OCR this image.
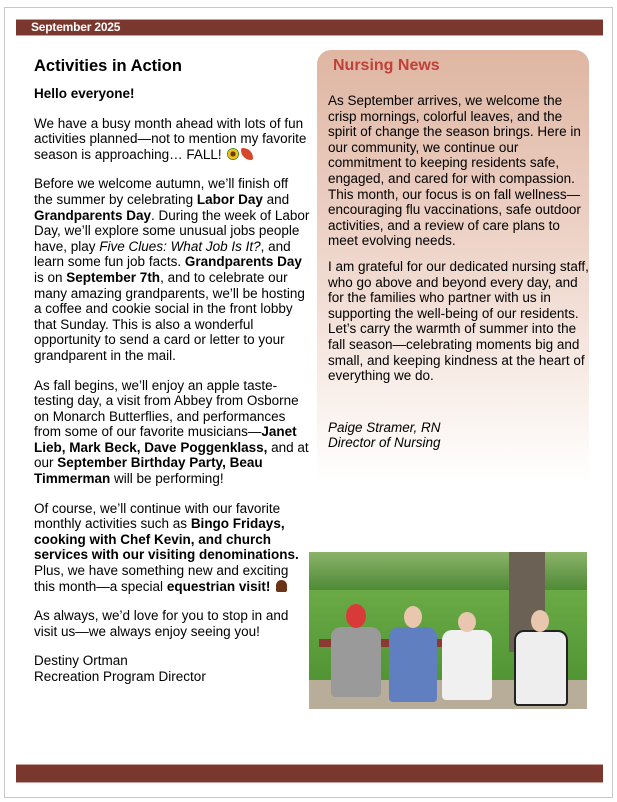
September 2025
Activities in Action

Hello everyone!

We have a busy month ahead with lots of fun activities planned—not to mention my favorite season is approaching… FALL!

Before we welcome autumn, we’ll finish off the summer by celebrating Labor Day and Grandparents Day. During the week of Labor Day, we’ll explore some unusual jobs people have, play Five Clues: What Job Is It?, and learn some fun job facts. Grandparents Day is on September 7th, and to celebrate our many amazing grandparents, we’ll be hosting a coffee and cookie social in the front lobby that Sunday. This is also a wonderful opportunity to send a card or letter to your grandparent in the mail.

As fall begins, we’ll enjoy an apple taste-testing day, a visit from Abbey from Osborne on Monarch Butterflies, and performances from some of our favorite musicians—Janet Lieb, Mark Beck, Dave Poggenklass, and at our September Birthday Party, Beau Timmerman will be performing!

Of course, we’ll continue with our favorite monthly activities such as Bingo Fridays, cooking with Chef Kevin, and church services with our visiting denominations. Plus, we have something new and exciting this month—a special equestrian visit!

As always, we’d love for you to stop in and visit us—we always enjoy seeing you!

Destiny Ortman
Recreation Program Director

Nursing News

As September arrives, we welcome the crisp mornings, colorful leaves, and the spirit of change the season brings. Here in our community, we continue our commitment to keeping residents safe, engaged, and cared for with compassion. This month, our focus is on fall wellness—encouraging flu vaccinations, safe outdoor activities, and a review of care plans to meet evolving needs.

I am grateful for our dedicated nursing staff, who go above and beyond every day, and for the families who partner with us in supporting the well-being of our residents. Let’s carry the warmth of summer into the fall season—celebrating moments big and small, and keeping kindness at the heart of everything we do.

Paige Stramer, RN
Director of Nursing
